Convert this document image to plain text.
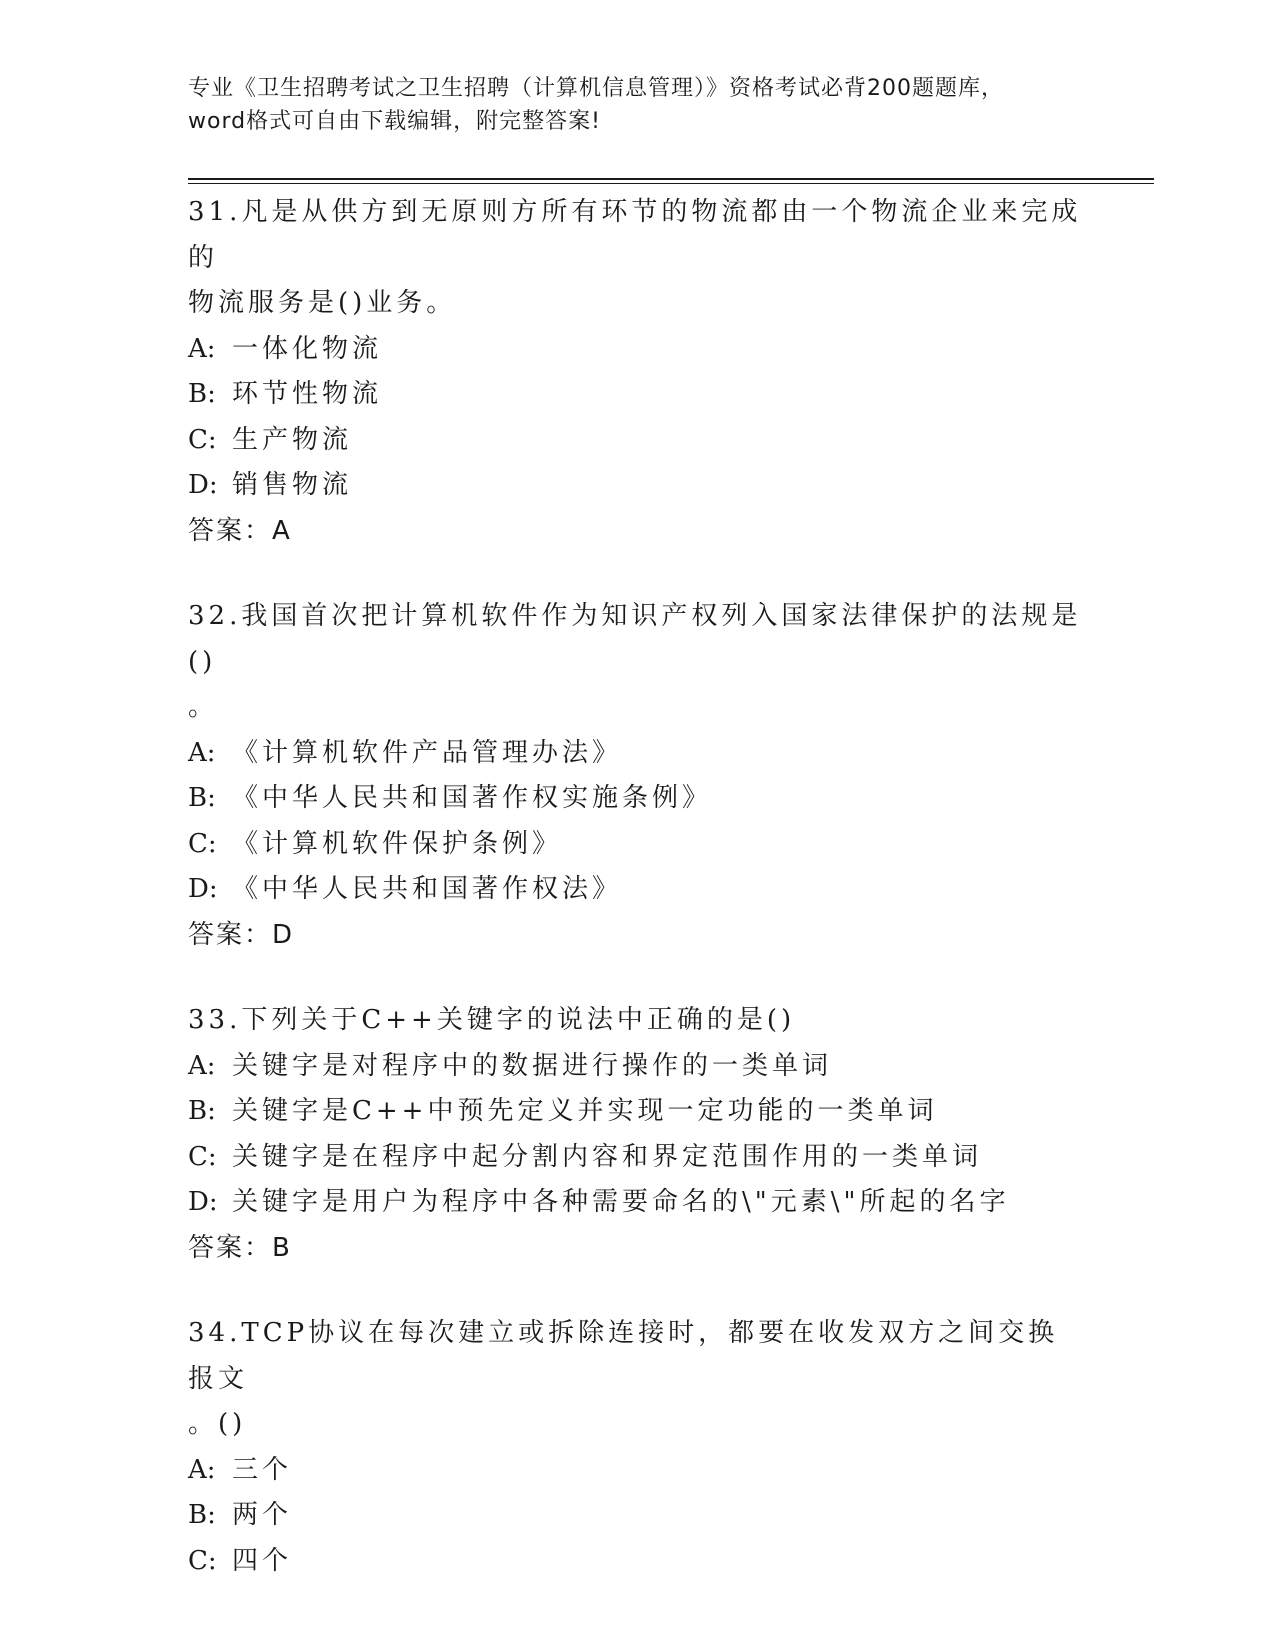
专业《卫生招聘考试之卫生招聘（计算机信息管理）》资格考试必背200题题库，
word格式可自由下载编辑，附完整答案!

31.凡是从供方到无原则方所有环节的物流都由一个物流企业来完成的

物流服务是()业务。

A: 一体化物流

B: 环节性物流

C: 生产物流

D: 销售物流

答案：A

32.我国首次把计算机软件作为知识产权列入国家法律保护的法规是()

。

A: 《计算机软件产品管理办法》

B: 《中华人民共和国著作权实施条例》

C: 《计算机软件保护条例》

D: 《中华人民共和国著作权法》

答案：D

33.下列关于C++关键字的说法中正确的是()

A: 关键字是对程序中的数据进行操作的一类单词

B: 关键字是C++中预先定义并实现一定功能的一类单词

C: 关键字是在程序中起分割内容和界定范围作用的一类单词

D: 关键字是用户为程序中各种需要命名的\"元素\"所起的名字

答案：B

34.TCP协议在每次建立或拆除连接时，都要在收发双方之间交换报文

。()

A: 三个

B: 两个

C: 四个
